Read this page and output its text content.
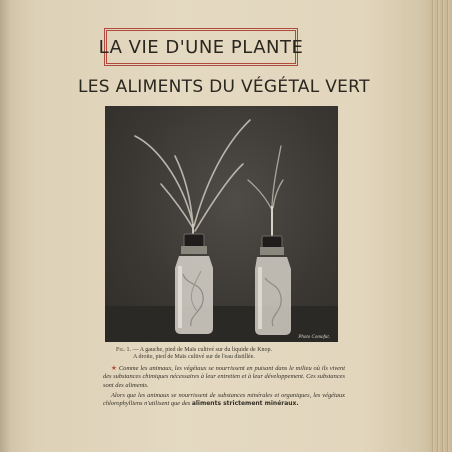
LA VIE D'UNE PLANTE
LES ALIMENTS DU VÉGÉTAL VERT
Photo Comofut.
Fig. 1. — A gauche, pied de Maïs cultivé sur du liquide de Knop.
A droite, pied de Maïs cultivé sur de l'eau distillée.

★ Comme les animaux, les végétaux se nourrissent en puisant dans le milieu où ils vivent des substances chimiques nécessaires à leur entretien et à leur développement. Ces substances sont des aliments.

Alors que les animaux se nourrissent de substances minérales et organiques, les végétaux chlorophylliens n'utilisent que des aliments strictement minéraux.
